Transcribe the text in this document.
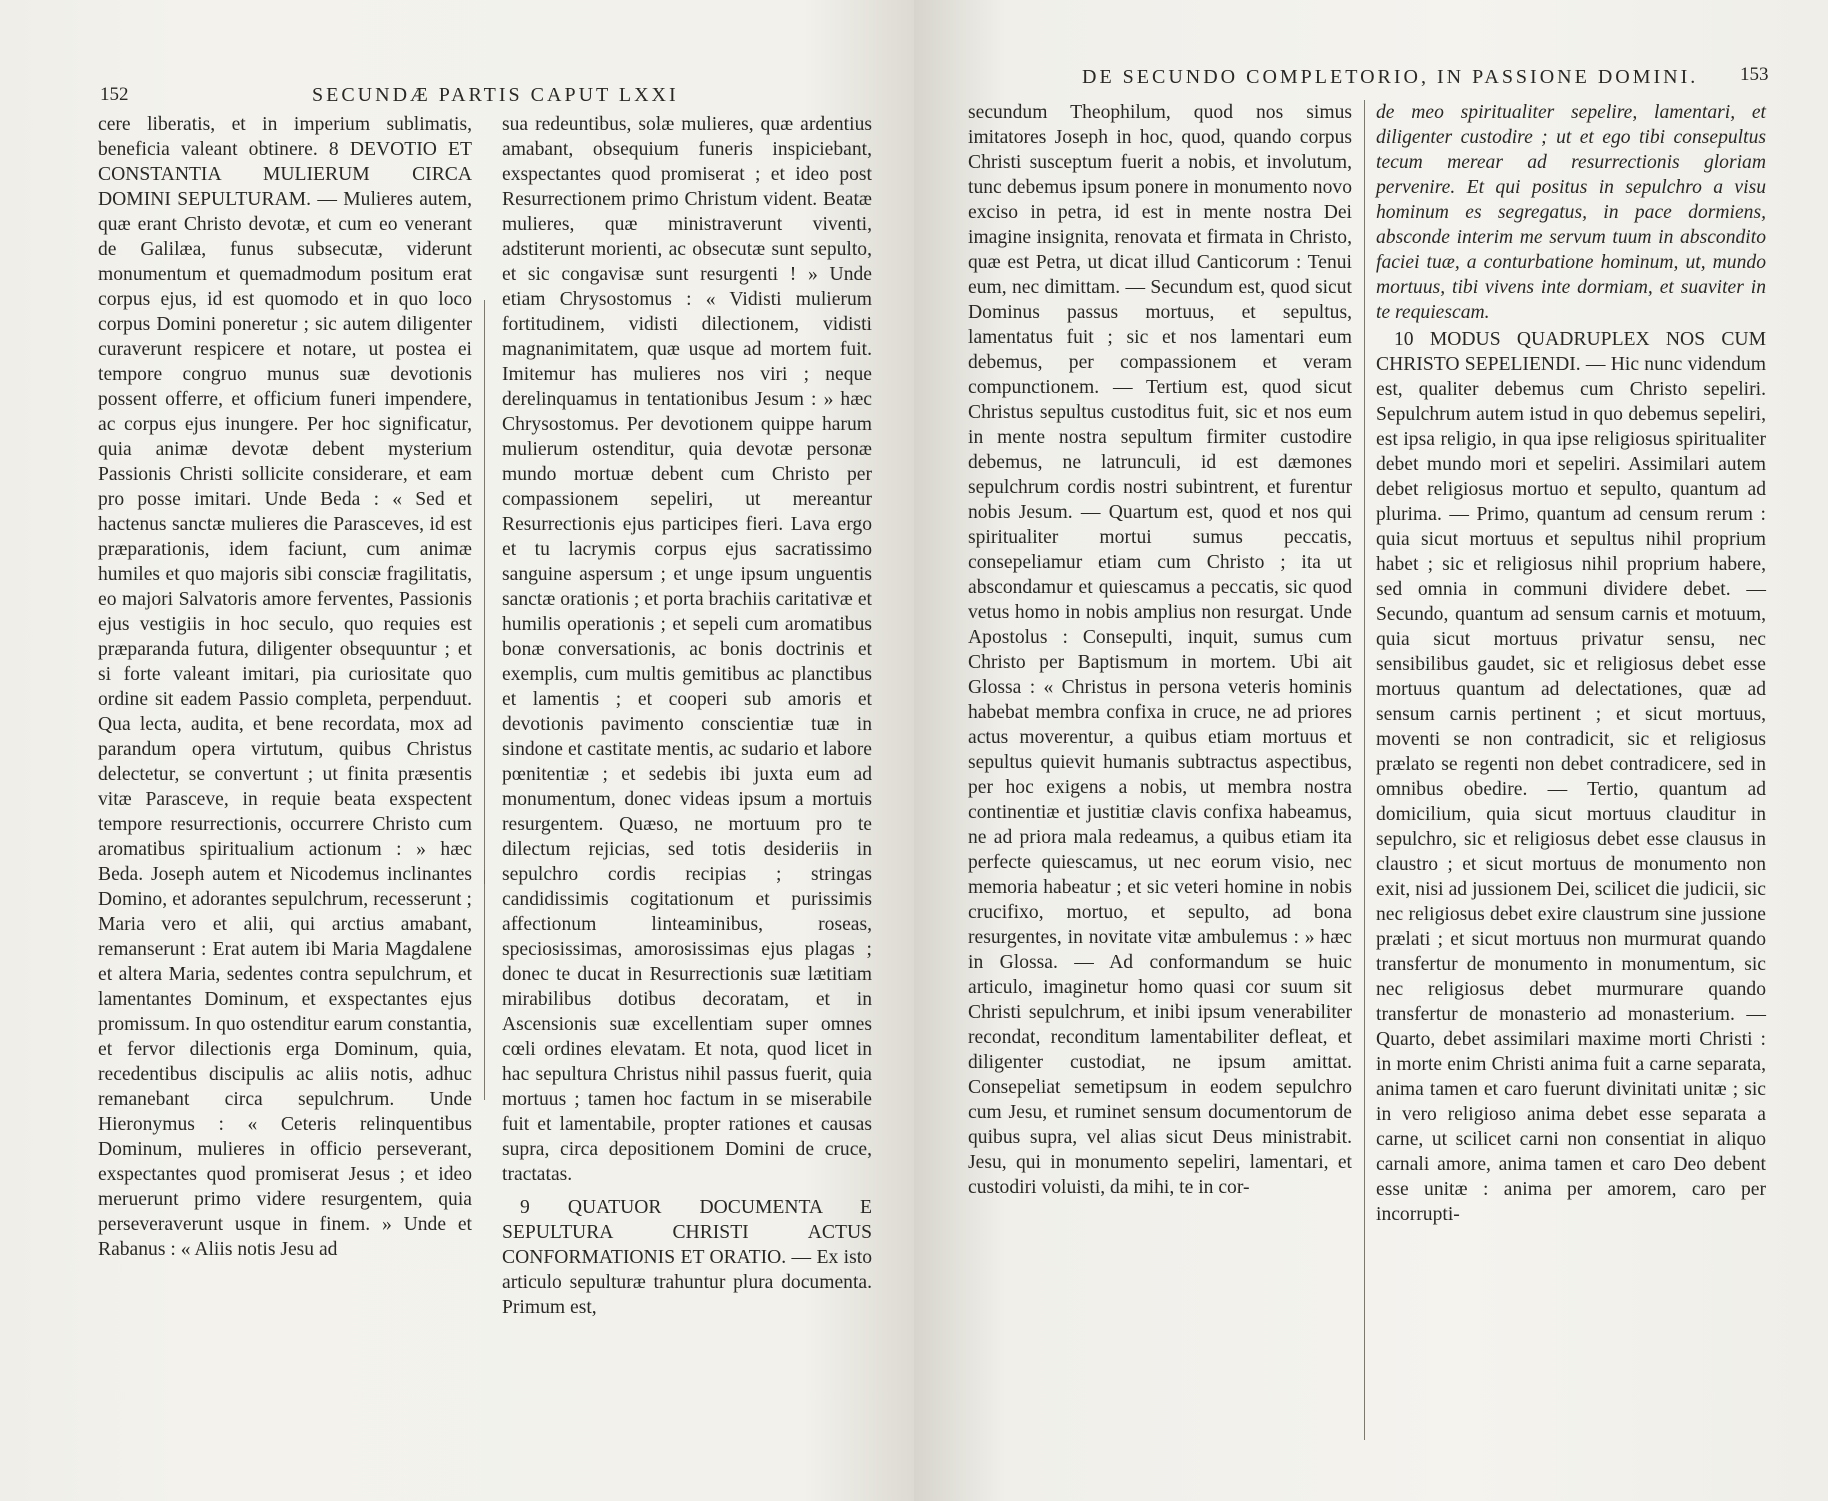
152	SECUNDÆ PARTIS CAPUT LXXI

cere liberatis, et in imperium sublimatis, beneficia valeant obtinere. 8 DEVOTIO ET CONSTANTIA MULIERUM CIRCA DOMINI SEPULTURAM. — Mulieres autem, quæ erant Christo devotæ, et cum eo venerant de Galilæa, funus subsecutæ, viderunt monumentum et quemadmodum positum erat corpus ejus, id est quomodo et in quo loco corpus Domini poneretur ; sic autem diligenter curaverunt respicere et notare, ut postea ei tempore congruo munus suæ devotionis possent offerre, et officium funeri impendere, ac corpus ejus inungere. Per hoc significatur, quia animæ devotæ debent mysterium Passionis Christi sollicite considerare, et eam pro posse imitari. Unde Beda : « Sed et hactenus sanctæ mulieres die Parasceves, id est præparationis, idem faciunt, cum animæ humiles et quo majoris sibi consciæ fragilitatis, eo majori Salvatoris amore ferventes, Passionis ejus vestigiis in hoc seculo, quo requies est præparanda futura, diligenter obsequuntur ; et si forte valeant imitari, pia curiositate quo ordine sit eadem Passio completa, perpenduut. Qua lecta, audita, et bene recordata, mox ad parandum opera virtutum, quibus Christus delectetur, se convertunt ; ut finita præsentis vitæ Parasceve, in requie beata exspectent tempore resurrectionis, occurrere Christo cum aromatibus spiritualium actionum : » hæc Beda. Joseph autem et Nicodemus inclinantes Domino, et adorantes sepulchrum, recesserunt ; Maria vero et alii, qui arctius amabant, remanserunt : Erat autem ibi Maria Magdalene et altera Maria, sedentes contra sepulchrum, et lamentantes Dominum, et exspectantes ejus promissum. In quo ostenditur earum constantia, et fervor dilectionis erga Dominum, quia, recedentibus discipulis ac aliis notis, adhuc remanebant circa sepulchrum. Unde Hieronymus : « Ceteris relinquentibus Dominum, mulieres in officio perseverant, exspectantes quod promiserat Jesus ; et ideo meruerunt primo videre resurgentem, quia perseveraverunt usque in finem. » Unde et Rabanus : « Aliis notis Jesu ad

sua redeuntibus, solæ mulieres, quæ ardentius amabant, obsequium funeris inspiciebant, exspectantes quod promiserat ; et ideo post Resurrectionem primo Christum vident. Beatæ mulieres, quæ ministraverunt viventi, adstiterunt morienti, ac obsecutæ sunt sepulto, et sic congavisæ sunt resurgenti ! » Unde etiam Chrysostomus : « Vidisti mulierum fortitudinem, vidisti dilectionem, vidisti magnanimitatem, quæ usque ad mortem fuit. Imitemur has mulieres nos viri ; neque derelinquamus in tentationibus Jesum : » hæc Chrysostomus. Per devotionem quippe harum mulierum ostenditur, quia devotæ personæ mundo mortuæ debent cum Christo per compassionem sepeliri, ut mereantur Resurrectionis ejus participes fieri. Lava ergo et tu lacrymis corpus ejus sacratissimo sanguine aspersum ; et unge ipsum unguentis sanctæ orationis ; et porta brachiis caritativæ et humilis operationis ; et sepeli cum aromatibus bonæ conversationis, ac bonis doctrinis et exemplis, cum multis gemitibus ac planctibus et lamentis ; et cooperi sub amoris et devotionis pavimento conscientiæ tuæ in sindone et castitate mentis, ac sudario et labore pœnitentiæ ; et sedebis ibi juxta eum ad monumentum, donec videas ipsum a mortuis resurgentem. Quæso, ne mortuum pro te dilectum rejicias, sed totis desideriis in sepulchro cordis recipias ; stringas candidissimis cogitationum et purissimis affectionum linteaminibus, roseas, speciosissimas, amorosissimas ejus plagas ; donec te ducat in Resurrectionis suæ lætitiam mirabilibus dotibus decoratam, et in Ascensionis suæ excellentiam super omnes cœli ordines elevatam. Et nota, quod licet in hac sepultura Christus nihil passus fuerit, quia mortuus ; tamen hoc factum in se miserabile fuit et lamentabile, propter rationes et causas supra, circa depositionem Domini de cruce, tractatas.

9 QUATUOR DOCUMENTA E SEPULTURA CHRISTI ACTUS CONFORMATIONIS ET ORATIO. — Ex isto articulo sepulturæ trahuntur plura documenta. Primum est,

DE SECUNDO COMPLETORIO, IN PASSIONE DOMINI. 153

secundum Theophilum, quod nos simus imitatores Joseph in hoc, quod, quando corpus Christi susceptum fuerit a nobis, et involutum, tunc debemus ipsum ponere in monumento novo exciso in petra, id est in mente nostra Dei imagine insignita, renovata et firmata in Christo, quæ est Petra, ut dicat illud Canticorum : Tenui eum, nec dimittam. — Secundum est, quod sicut Dominus passus mortuus, et sepultus, lamentatus fuit ; sic et nos lamentari eum debemus, per compassionem et veram compunctionem. — Tertium est, quod sicut Christus sepultus custoditus fuit, sic et nos eum in mente nostra sepultum firmiter custodire debemus, ne latrunculi, id est dæmones sepulchrum cordis nostri subintrent, et furentur nobis Jesum. — Quartum est, quod et nos qui spiritualiter mortui sumus peccatis, consepeliamur etiam cum Christo ; ita ut abscondamur et quiescamus a peccatis, sic quod vetus homo in nobis amplius non resurgat. Unde Apostolus : Consepulti, inquit, sumus cum Christo per Baptismum in mortem. Ubi ait Glossa : « Christus in persona veteris hominis habebat membra confixa in cruce, ne ad priores actus moverentur, a quibus etiam mortuus et sepultus quievit humanis subtractus aspectibus, per hoc exigens a nobis, ut membra nostra continentiæ et justitiæ clavis confixa habeamus, ne ad priora mala redeamus, a quibus etiam ita perfecte quiescamus, ut nec eorum visio, nec memoria habeatur ; et sic veteri homine in nobis crucifixo, mortuo, et sepulto, ad bona resurgentes, in novitate vitæ ambulemus : » hæc in Glossa. — Ad conformandum se huic articulo, imaginetur homo quasi cor suum sit Christi sepulchrum, et inibi ipsum venerabiliter recondat, reconditum lamentabiliter defleat, et diligenter custodiat, ne ipsum amittat. Consepeliat semetipsum in eodem sepulchro cum Jesu, et ruminet sensum documentorum de quibus supra, vel alias sicut Deus ministrabit. Jesu, qui in monumento sepeliri, lamentari, et custodiri voluisti, da mihi, te in cor-

de meo spiritualiter sepelire, lamentari, et diligenter custodire ; ut et ego tibi consepultus tecum merear ad resurrectionis gloriam pervenire. Et qui positus in sepulchro a visu hominum es segregatus, in pace dormiens, absconde interim me servum tuum in abscondito faciei tuæ, a conturbatione hominum, ut, mundo mortuus, tibi vivens inte dormiam, et suaviter in te requiescam.

10 MODUS QUADRUPLEX NOS CUM CHRISTO SEPELIENDI. — Hic nunc videndum est, qualiter debemus cum Christo sepeliri. Sepulchrum autem istud in quo debemus sepeliri, est ipsa religio, in qua ipse religiosus spiritualiter debet mundo mori et sepeliri. Assimilari autem debet religiosus mortuo et sepulto, quantum ad plurima. — Primo, quantum ad censum rerum : quia sicut mortuus et sepultus nihil proprium habet ; sic et religiosus nihil proprium habere, sed omnia in communi dividere debet. — Secundo, quantum ad sensum carnis et motuum, quia sicut mortuus privatur sensu, nec sensibilibus gaudet, sic et religiosus debet esse mortuus quantum ad delectationes, quæ ad sensum carnis pertinent ; et sicut mortuus, moventi se non contradicit, sic et religiosus prælato se regenti non debet contradicere, sed in omnibus obedire. — Tertio, quantum ad domicilium, quia sicut mortuus clauditur in sepulchro, sic et religiosus debet esse clausus in claustro ; et sicut mortuus de monumento non exit, nisi ad jussionem Dei, scilicet die judicii, sic nec religiosus debet exire claustrum sine jussione prælati ; et sicut mortuus non murmurat quando transfertur de monumento in monumentum, sic nec religiosus debet murmurare quando transfertur de monasterio ad monasterium. — Quarto, debet assimilari maxime morti Christi : in morte enim Christi anima fuit a carne separata, anima tamen et caro fuerunt divinitati unitæ ; sic in vero religioso anima debet esse separata a carne, ut scilicet carni non consentiat in aliquo carnali amore, anima tamen et caro Deo debent esse unitæ : anima per amorem, caro per incorrupti-
